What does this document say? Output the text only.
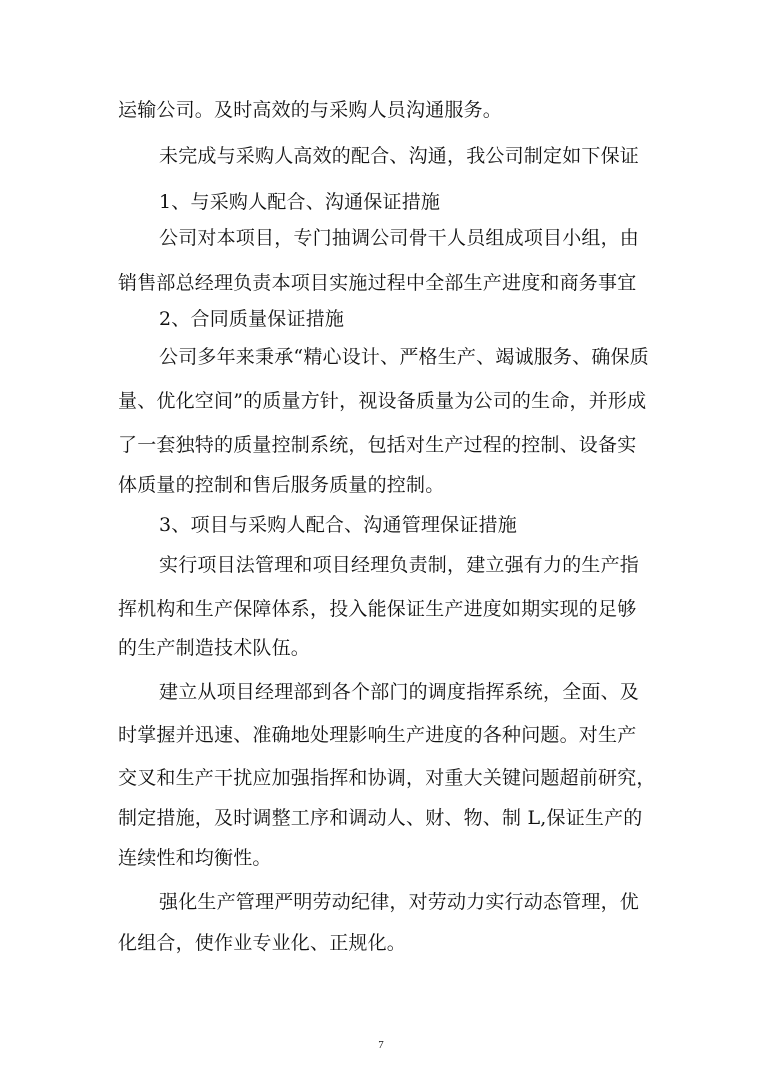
运输公司。及时高效的与采购人员沟通服务。
未完成与采购人高效的配合、沟通，我公司制定如下保证
1、与采购人配合、沟通保证措施
公司对本项目，专门抽调公司骨干人员组成项目小组，由
销售部总经理负责本项目实施过程中全部生产进度和商务事宜
2、合同质量保证措施
公司多年来秉承“精心设计、严格生产、竭诚服务、确保质
量、优化空间”的质量方针，视设备质量为公司的生命，并形成
了一套独特的质量控制系统，包括对生产过程的控制、设备实
体质量的控制和售后服务质量的控制。
3、项目与采购人配合、沟通管理保证措施
实行项目法管理和项目经理负责制，建立强有力的生产指
挥机构和生产保障体系，投入能保证生产进度如期实现的足够
的生产制造技术队伍。
建立从项目经理部到各个部门的调度指挥系统，全面、及
时掌握并迅速、准确地处理影响生产进度的各种问题。对生产
交叉和生产干扰应加强指挥和协调，对重大关键问题超前研究，
制定措施，及时调整工序和调动人、财、物、制 L,保证生产的
连续性和均衡性。
强化生产管理严明劳动纪律，对劳动力实行动态管理，优
化组合，使作业专业化、正规化。
7
